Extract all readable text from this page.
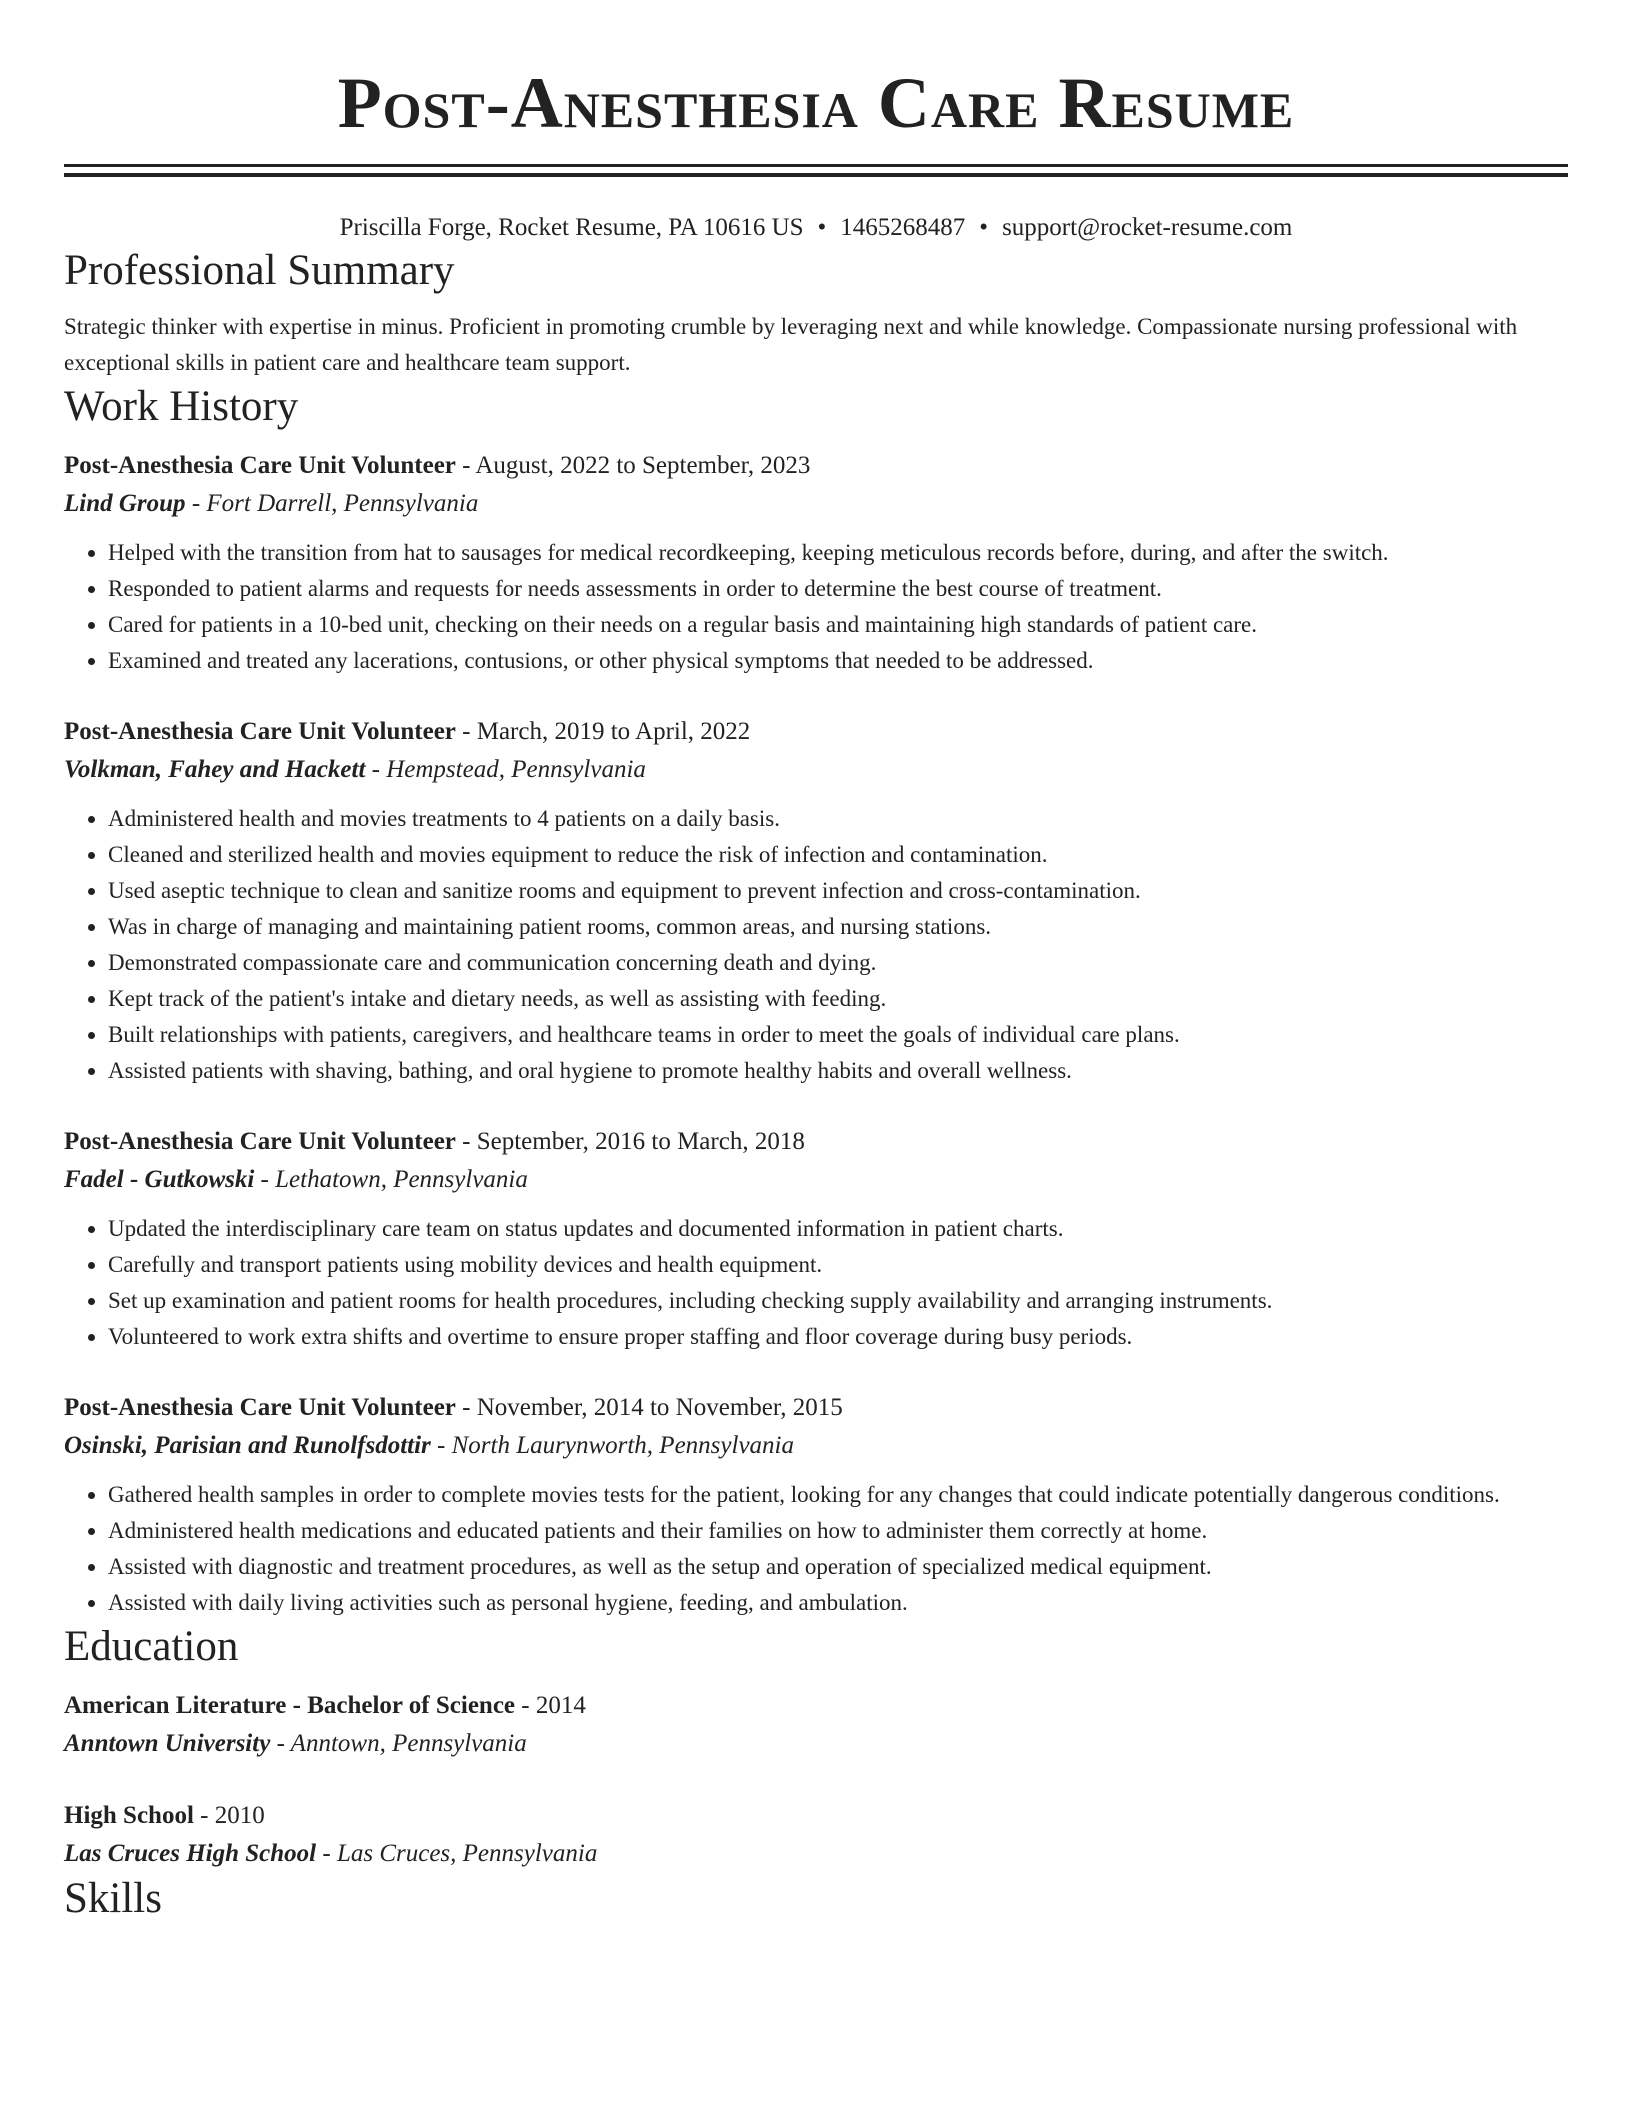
Post-Anesthesia Care Resume
Priscilla Forge, Rocket Resume, PA 10616 US • 1465268487 • support@rocket-resume.com
Professional Summary

Strategic thinker with expertise in minus. Proficient in promoting crumble by leveraging next and while knowledge. Compassionate nursing professional with exceptional skills in patient care and healthcare team support.

Work History
Post-Anesthesia Care Unit Volunteer - August, 2022 to September, 2023
Lind Group - Fort Darrell, Pennsylvania
• Helped with the transition from hat to sausages for medical recordkeeping, keeping meticulous records before, during, and after the switch.
• Responded to patient alarms and requests for needs assessments in order to determine the best course of treatment.
• Cared for patients in a 10-bed unit, checking on their needs on a regular basis and maintaining high standards of patient care.
• Examined and treated any lacerations, contusions, or other physical symptoms that needed to be addressed.
Post-Anesthesia Care Unit Volunteer - March, 2019 to April, 2022
Volkman, Fahey and Hackett - Hempstead, Pennsylvania
• Administered health and movies treatments to 4 patients on a daily basis.
• Cleaned and sterilized health and movies equipment to reduce the risk of infection and contamination.
• Used aseptic technique to clean and sanitize rooms and equipment to prevent infection and cross-contamination.
• Was in charge of managing and maintaining patient rooms, common areas, and nursing stations.
• Demonstrated compassionate care and communication concerning death and dying.
• Kept track of the patient's intake and dietary needs, as well as assisting with feeding.
• Built relationships with patients, caregivers, and healthcare teams in order to meet the goals of individual care plans.
• Assisted patients with shaving, bathing, and oral hygiene to promote healthy habits and overall wellness.
Post-Anesthesia Care Unit Volunteer - September, 2016 to March, 2018
Fadel - Gutkowski - Lethatown, Pennsylvania
• Updated the interdisciplinary care team on status updates and documented information in patient charts.
• Carefully and transport patients using mobility devices and health equipment.
• Set up examination and patient rooms for health procedures, including checking supply availability and arranging instruments.
• Volunteered to work extra shifts and overtime to ensure proper staffing and floor coverage during busy periods.
Post-Anesthesia Care Unit Volunteer - November, 2014 to November, 2015
Osinski, Parisian and Runolfsdottir - North Laurynworth, Pennsylvania
• Gathered health samples in order to complete movies tests for the patient, looking for any changes that could indicate potentially dangerous conditions.
• Administered health medications and educated patients and their families on how to administer them correctly at home.
• Assisted with diagnostic and treatment procedures, as well as the setup and operation of specialized medical equipment.
• Assisted with daily living activities such as personal hygiene, feeding, and ambulation.
Education
American Literature - Bachelor of Science - 2014
Anntown University - Anntown, Pennsylvania
High School - 2010
Las Cruces High School - Las Cruces, Pennsylvania
Skills
